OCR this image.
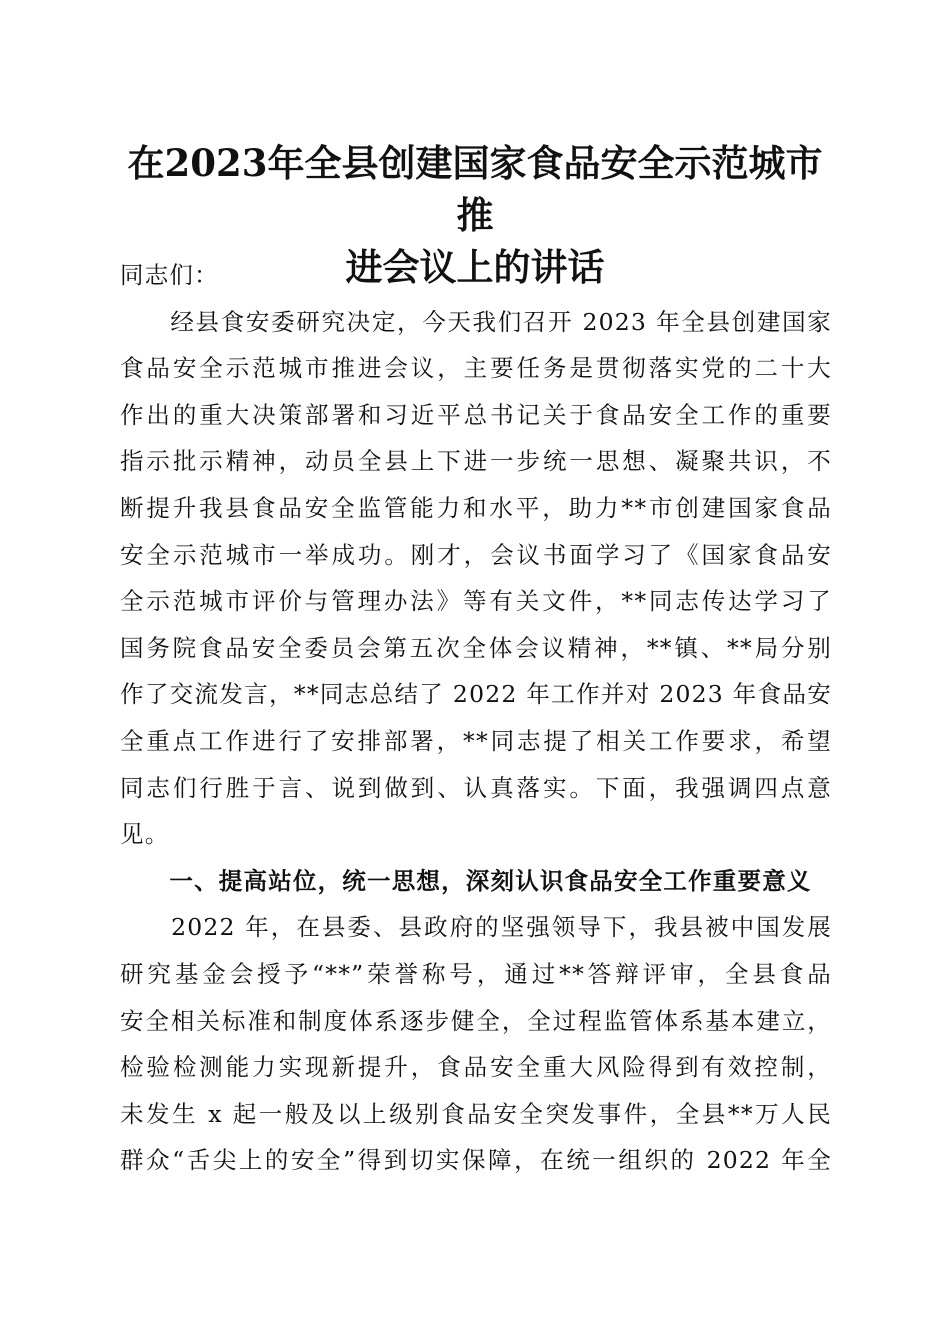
在2023年全县创建国家食品安全示范城市推
进会议上的讲话
同志们：
　　经县食安委研究决定，今天我们召开 2023 年全县创建国家
食品安全示范城市推进会议，主要任务是贯彻落实党的二十大
作出的重大决策部署和习近平总书记关于食品安全工作的重要
指示批示精神，动员全县上下进一步统一思想、凝聚共识，不
断提升我县食品安全监管能力和水平，助力**市创建国家食品
安全示范城市一举成功。刚才，会议书面学习了《国家食品安
全示范城市评价与管理办法》等有关文件，**同志传达学习了
国务院食品安全委员会第五次全体会议精神，**镇、**局分别
作了交流发言，**同志总结了 2022 年工作并对 2023 年食品安
全重点工作进行了安排部署，**同志提了相关工作要求，希望
同志们行胜于言、说到做到、认真落实。下面，我强调四点意
见。
　　一、提高站位，统一思想，深刻认识食品安全工作重要意义
　　2022 年，在县委、县政府的坚强领导下，我县被中国发展
研究基金会授予“**”荣誉称号，通过**答辩评审，全县食品
安全相关标准和制度体系逐步健全，全过程监管体系基本建立，
检验检测能力实现新提升，食品安全重大风险得到有效控制，
未发生 x 起一般及以上级别食品安全突发事件，全县**万人民
群众“舌尖上的安全”得到切实保障，在统一组织的 2022 年全
